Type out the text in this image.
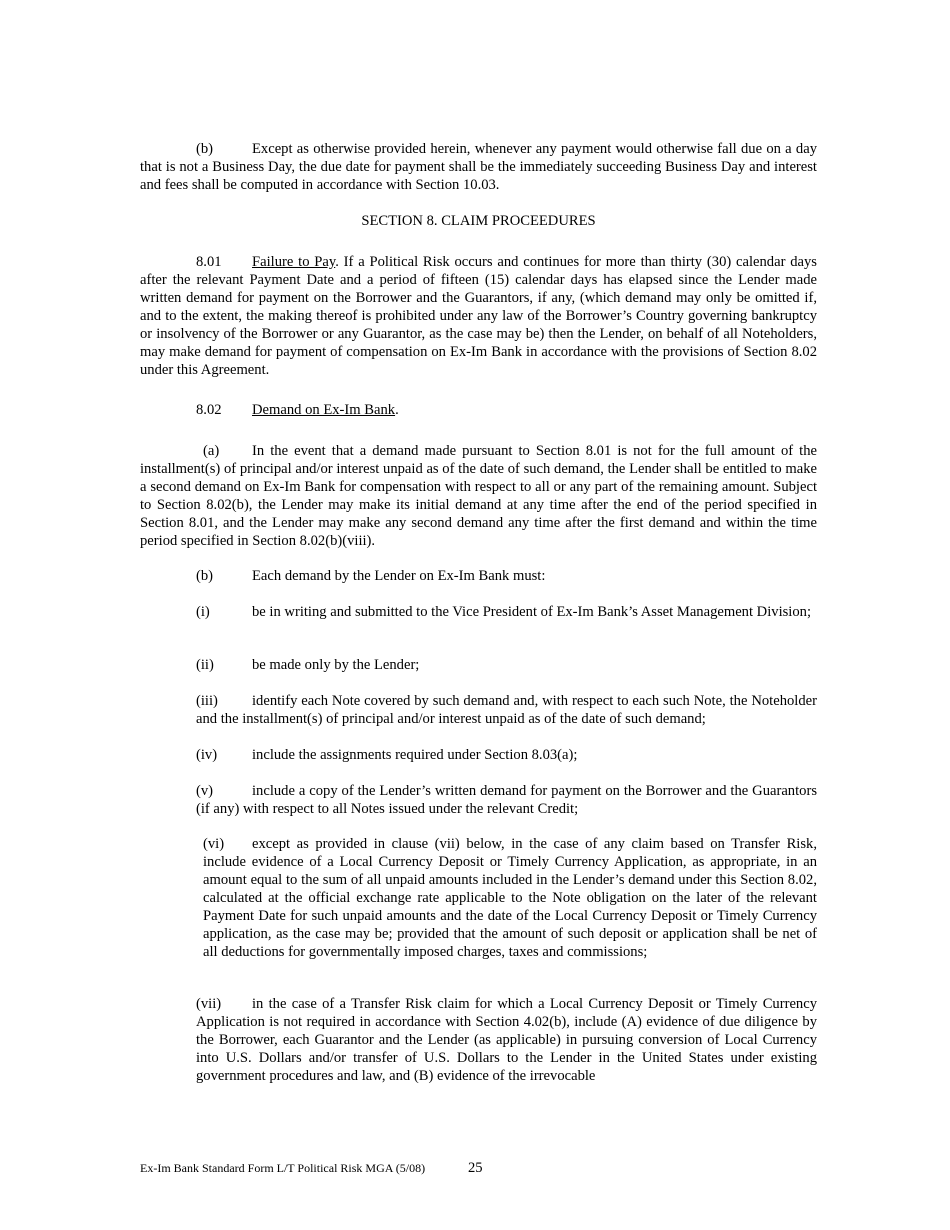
(b)	Except as otherwise provided herein, whenever any payment would otherwise fall due on a day that is not a Business Day, the due date for payment shall be the immediately succeeding Business Day and interest and fees shall be computed in accordance with Section 10.03.

SECTION 8. CLAIM PROCEEDURES

8.01 Failure to Pay. If a Political Risk occurs and continues for more than thirty (30) calendar days after the relevant Payment Date and a period of fifteen (15) calendar days has elapsed since the Lender made written demand for payment on the Borrower and the Guarantors, if any, (which demand may only be omitted if, and to the extent, the making thereof is prohibited under any law of the Borrower’s Country governing bankruptcy or insolvency of the Borrower or any Guarantor, as the case may be) then the Lender, on behalf of all Noteholders, may make demand for payment of compensation on Ex-Im Bank in accordance with the provisions of Section 8.02 under this Agreement.

8.02 Demand on Ex-Im Bank.

(a) In the event that a demand made pursuant to Section 8.01 is not for the full amount of the installment(s) of principal and/or interest unpaid as of the date of such demand, the Lender shall be entitled to make a second demand on Ex-Im Bank for compensation with respect to all or any part of the remaining amount. Subject to Section 8.02(b), the Lender may make its initial demand at any time after the end of the period specified in Section 8.01, and the Lender may make any second demand any time after the first demand and within the time period specified in Section 8.02(b)(viii).

(b)	Each demand by the Lender on Ex-Im Bank must:

(i)	be in writing and submitted to the Vice President of Ex-Im Bank’s Asset Management Division;

(ii)	be made only by the Lender;

(iii) identify each Note covered by such demand and, with respect to each such Note, the Noteholder and the installment(s) of principal and/or interest unpaid as of the date of such demand;

(iv) include the assignments required under Section 8.03(a);

(v)	include a copy of the Lender’s written demand for payment on the Borrower and the Guarantors (if any) with respect to all Notes issued under the relevant Credit;

(vi) except as provided in clause (vii) below, in the case of any claim based on Transfer Risk, include evidence of a Local Currency Deposit or Timely Currency Application, as appropriate, in an amount equal to the sum of all unpaid amounts included in the Lender’s demand under this Section 8.02, calculated at the official exchange rate applicable to the Note obligation on the later of the relevant Payment Date for such unpaid amounts and the date of the Local Currency Deposit or Timely Currency application, as the case may be; provided that the amount of such deposit or application shall be net of all deductions for governmentally imposed charges, taxes and commissions;

(vii) in the case of a Transfer Risk claim for which a Local Currency Deposit or Timely Currency Application is not required in accordance with Section 4.02(b), include (A) evidence of due diligence by the Borrower, each Guarantor and the Lender (as applicable) in pursuing conversion of Local Currency into U.S. Dollars and/or transfer of U.S. Dollars to the Lender in the United States under existing government procedures and law, and (B) evidence of the irrevocable

Ex-Im Bank Standard Form L/T Political Risk MGA (5/08)	25
